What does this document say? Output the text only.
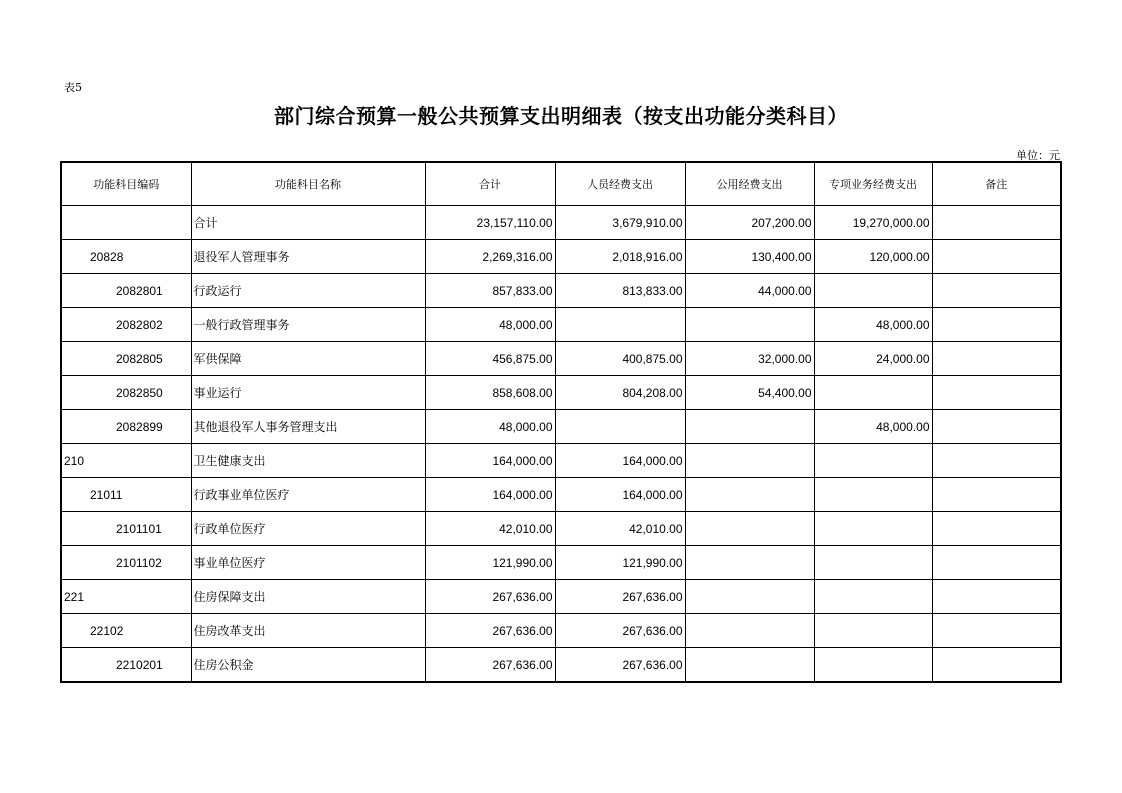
表5
部门综合预算一般公共预算支出明细表（按支出功能分类科目）
单位：元
功能科目编码	功能科目名称	合计	人员经费支出	公用经费支出	专项业务经费支出	备注
	合计	23,157,110.00	3,679,910.00	207,200.00	19,270,000.00	
20828	退役军人管理事务	2,269,316.00	2,018,916.00	130,400.00	120,000.00	
2082801	行政运行	857,833.00	813,833.00	44,000.00		
2082802	一般行政管理事务	48,000.00			48,000.00	
2082805	军供保障	456,875.00	400,875.00	32,000.00	24,000.00	
2082850	事业运行	858,608.00	804,208.00	54,400.00		
2082899	其他退役军人事务管理支出	48,000.00			48,000.00	
210	卫生健康支出	164,000.00	164,000.00			
21011	行政事业单位医疗	164,000.00	164,000.00			
2101101	行政单位医疗	42,010.00	42,010.00			
2101102	事业单位医疗	121,990.00	121,990.00			
221	住房保障支出	267,636.00	267,636.00			
22102	住房改革支出	267,636.00	267,636.00			
2210201	住房公积金	267,636.00	267,636.00			
